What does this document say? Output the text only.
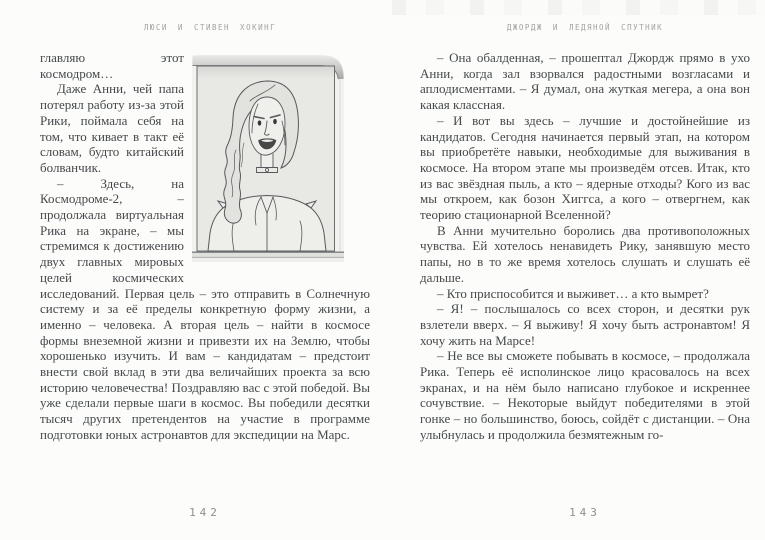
ЛЮСИ И СТИВЕН ХОКИНГ	ДЖОРДЖ И ЛЕДЯНОЙ СПУТНИК

главляю этот космодром…

Даже Анни, чей папа потерял работу из-за этой Рики, поймала себя на том, что кивает в такт её словам, будто китайский болванчик.

– Здесь, на Космодроме-2, – продолжала виртуальная Рика на экране, – мы стремимся к достижению двух главных мировых целей космических исследований. Первая цель – это отправить в Солнечную систему и за её пределы конкретную форму жизни, а именно – человека. А вторая цель – найти в космосе формы внеземной жизни и привезти их на Землю, чтобы хорошенько изучить. И вам – кандидатам – предстоит внести свой вклад в эти два величайших проекта за всю историю человечества! Поздравляю вас с этой победой. Вы уже сделали первые шаги в космос. Вы победили десятки тысяч других претендентов на участие в программе подготовки юных астронавтов для экспедиции на Марс.

– Она обалденная, – прошептал Джордж прямо в ухо Анни, когда зал взорвался радостными возгласами и аплодисментами. – Я думал, она жуткая мегера, а она вон какая классная.

– И вот вы здесь – лучшие и достойнейшие из кандидатов. Сегодня начинается первый этап, на котором вы приобретёте навыки, необходимые для выживания в космосе. На втором этапе мы произведём отсев. Итак, кто из вас звёздная пыль, а кто – ядерные отходы? Кого из вас мы откроем, как бозон Хиггса, а кого – отвергнем, как теорию стационарной Вселенной?

В Анни мучительно боролись два противоположных чувства. Ей хотелось ненавидеть Рику, занявшую место папы, но в то же время хотелось слушать и слушать её дальше.

– Кто приспособится и выживет… а кто вымрет?

– Я! – послышалось со всех сторон, и десятки рук взлетели вверх. – Я выживу! Я хочу быть астронавтом! Я хочу жить на Марсе!

– Не все вы сможете побывать в космосе, – продолжала Рика. Теперь её исполинское лицо красовалось на всех экранах, и на нём было написано глубокое и искреннее сочувствие. – Некоторые выйдут победителями в этой гонке – но большинство, боюсь, сойдёт с дистанции. – Она улыбнулась и продолжила безмятежным го-

142	143
